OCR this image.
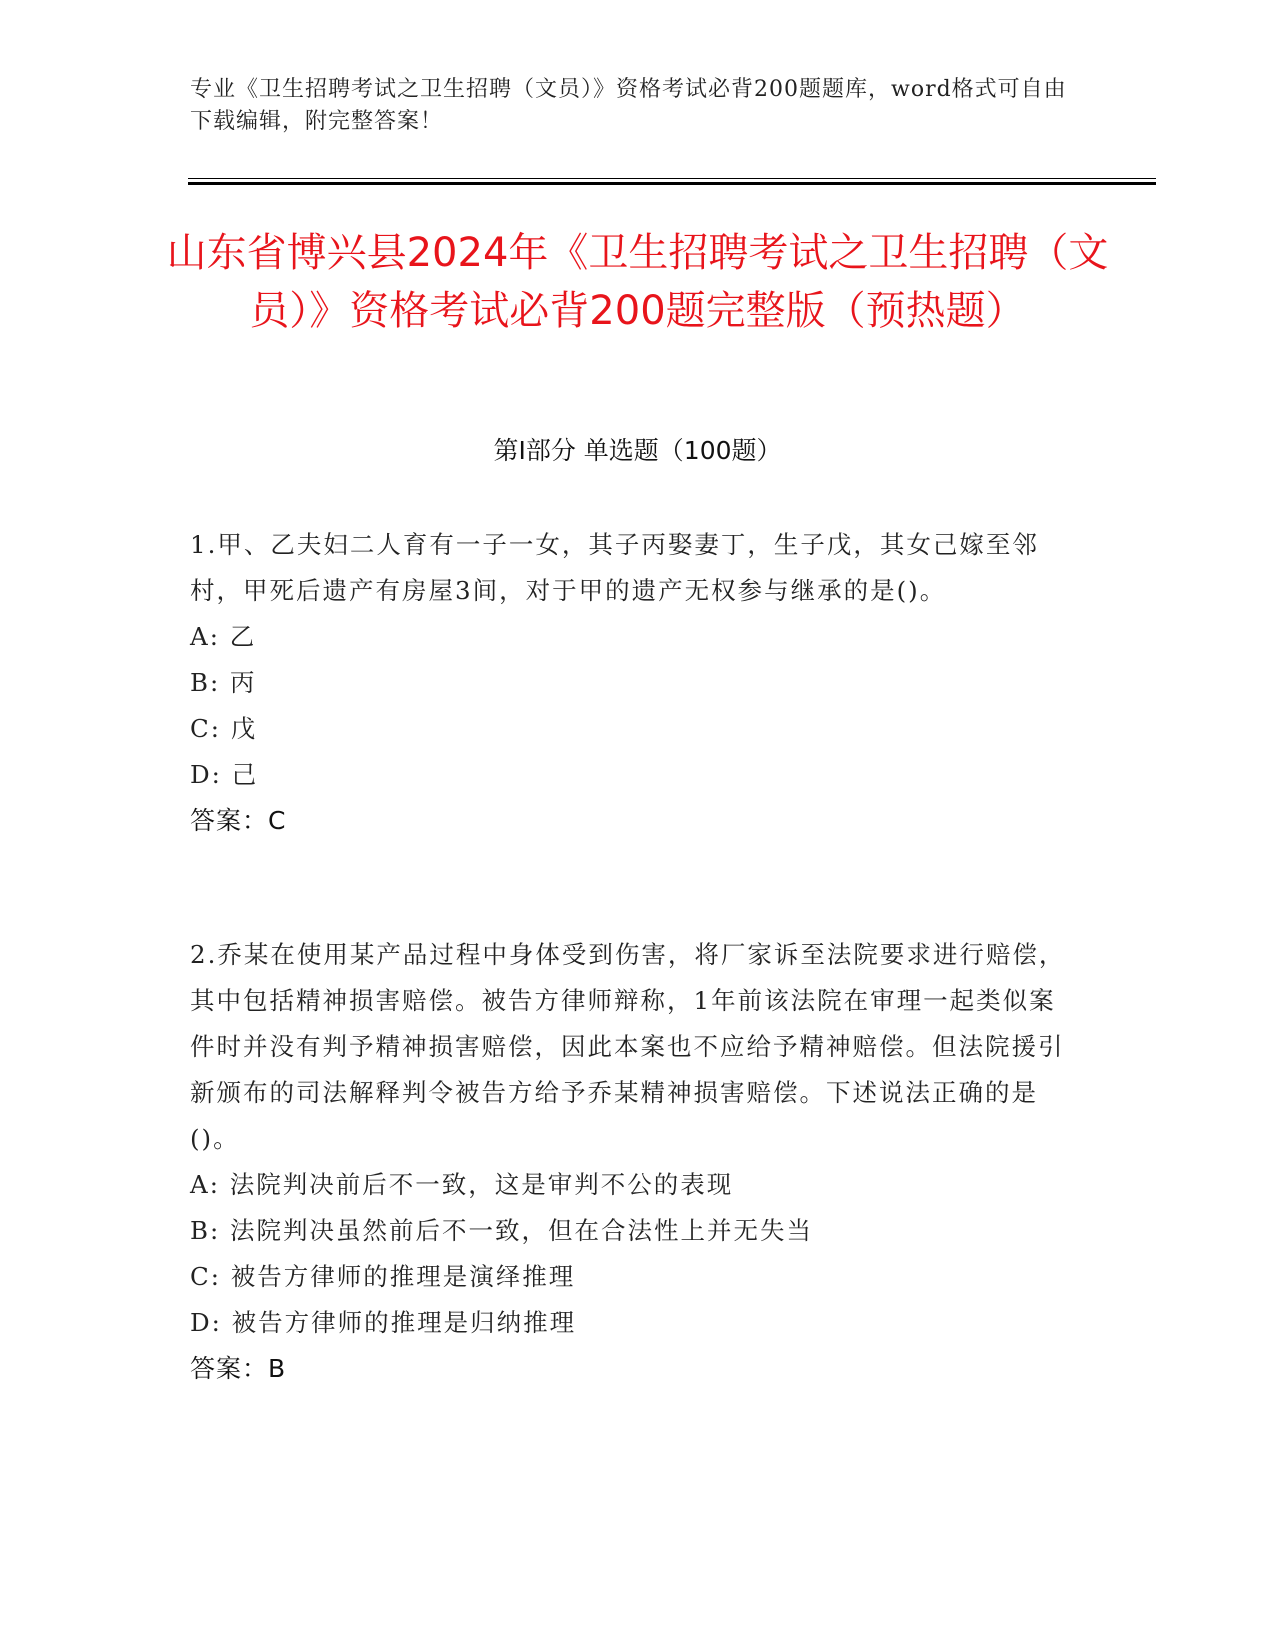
专业《卫生招聘考试之卫生招聘（文员）》资格考试必背200题题库，word格式可自由下载编辑，附完整答案！
山东省博兴县2024年《卫生招聘考试之卫生招聘（文员）》资格考试必背200题完整版（预热题）
第I部分 单选题（100题）

1.甲、乙夫妇二人育有一子一女，其子丙娶妻丁，生子戊，其女己嫁至邻村，甲死后遗产有房屋3间，对于甲的遗产无权参与继承的是()。

A: 乙

B: 丙

C: 戊

D: 己

答案：C

2.乔某在使用某产品过程中身体受到伤害，将厂家诉至法院要求进行赔偿，其中包括精神损害赔偿。被告方律师辩称，1年前该法院在审理一起类似案件时并没有判予精神损害赔偿，因此本案也不应给予精神赔偿。但法院援引新颁布的司法解释判令被告方给予乔某精神损害赔偿。下述说法正确的是()。

A: 法院判决前后不一致，这是审判不公的表现

B: 法院判决虽然前后不一致，但在合法性上并无失当

C: 被告方律师的推理是演绎推理

D: 被告方律师的推理是归纳推理

答案：B
